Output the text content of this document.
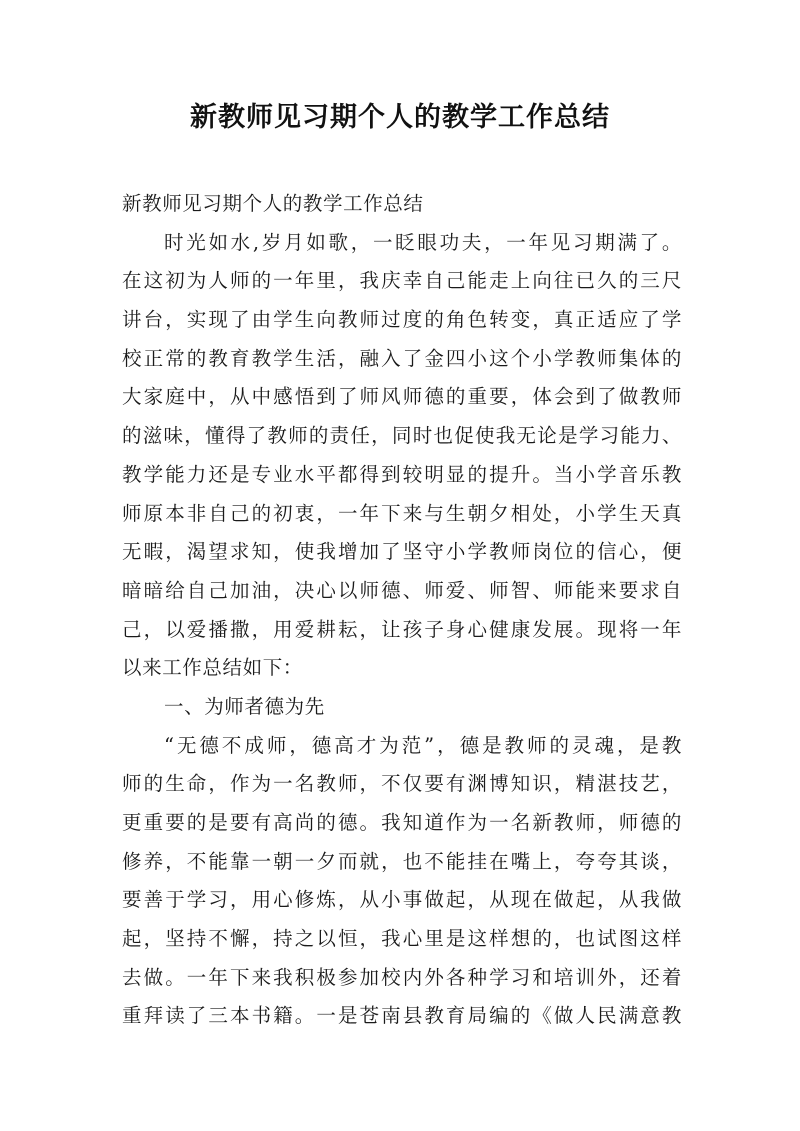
新教师见习期个人的教学工作总结
新教师见习期个人的教学工作总结
时光如水,岁月如歌，一眨眼功夫，一年见习期满了。
在这初为人师的一年里，我庆幸自己能走上向往已久的三尺
讲台，实现了由学生向教师过度的角色转变，真正适应了学
校正常的教育教学生活，融入了金四小这个小学教师集体的
大家庭中，从中感悟到了师风师德的重要，体会到了做教师
的滋味，懂得了教师的责任，同时也促使我无论是学习能力、
教学能力还是专业水平都得到较明显的提升。当小学音乐教
师原本非自己的初衷，一年下来与生朝夕相处，小学生天真
无暇，渴望求知，使我增加了坚守小学教师岗位的信心，便
暗暗给自己加油，决心以师德、师爱、师智、师能来要求自
己，以爱播撒，用爱耕耘，让孩子身心健康发展。现将一年
以来工作总结如下：
一、为师者德为先
“无德不成师，德高才为范”，德是教师的灵魂，是教
师的生命，作为一名教师，不仅要有渊博知识，精湛技艺，
更重要的是要有高尚的德。我知道作为一名新教师，师德的
修养，不能靠一朝一夕而就，也不能挂在嘴上，夸夸其谈，
要善于学习，用心修炼，从小事做起，从现在做起，从我做
起，坚持不懈，持之以恒，我心里是这样想的，也试图这样
去做。一年下来我积极参加校内外各种学习和培训外，还着
重拜读了三本书籍。一是苍南县教育局编的《做人民满意教
